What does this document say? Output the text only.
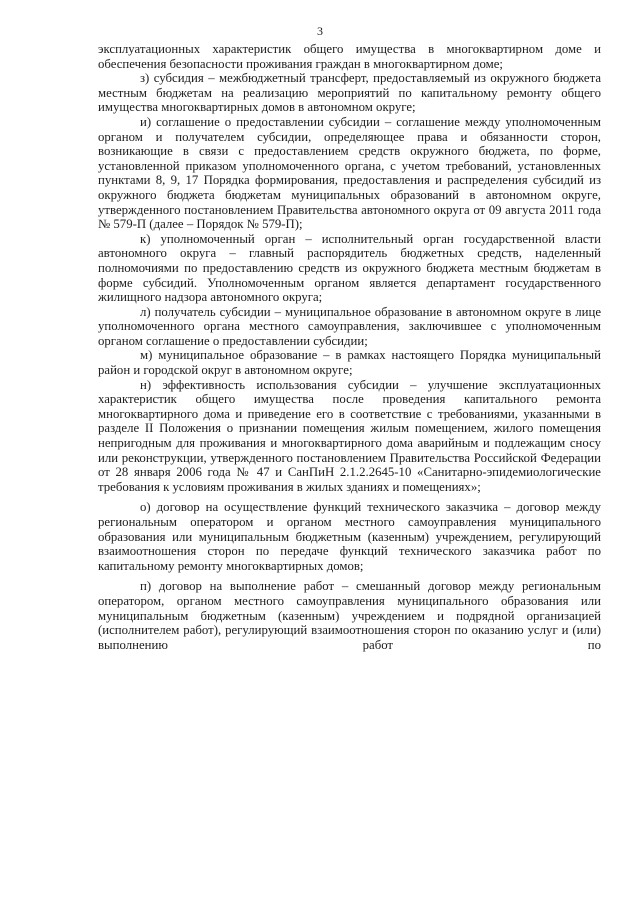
3

эксплуатационных характеристик общего имущества в многоквартирном доме и обеспечения безопасности проживания граждан в многоквартирном доме;

з) субсидия – межбюджетный трансферт, предоставляемый из окружного бюджета местным бюджетам на реализацию мероприятий по капитальному ремонту общего имущества многоквартирных домов в автономном округе;

и) соглашение о предоставлении субсидии – соглашение между уполномоченным органом и получателем субсидии, определяющее права и обязанности сторон, возникающие в связи с предоставлением средств окружного бюджета, по форме, установленной приказом уполномоченного органа, с учетом требований, установленных пунктами 8, 9, 17 Порядка формирования, предоставления и распределения субсидий из окружного бюджета бюджетам муниципальных образований в автономном округе, утвержденного постановлением Правительства автономного округа от 09 августа 2011 года № 579-П (далее – Порядок № 579-П);

к) уполномоченный орган – исполнительный орган государственной власти автономного округа – главный распорядитель бюджетных средств, наделенный полномочиями по предоставлению средств из окружного бюджета местным бюджетам в форме субсидий. Уполномоченным органом является департамент государственного жилищного надзора автономного округа;

л) получатель субсидии – муниципальное образование в автономном округе в лице уполномоченного органа местного самоуправления, заключившее с уполномоченным органом соглашение о предоставлении субсидии;

м) муниципальное образование – в рамках настоящего Порядка муниципальный район и городской округ в автономном округе;

н) эффективность использования субсидии – улучшение эксплуатационных характеристик общего имущества после проведения капитального ремонта многоквартирного дома и приведение его в соответствие с требованиями, указанными в разделе II Положения о признании помещения жилым помещением, жилого помещения непригодным для проживания и многоквартирного дома аварийным и подлежащим сносу или реконструкции, утвержденного постановлением Правительства Российской Федерации от 28 января 2006 года № 47 и СанПиН 2.1.2.2645-10 «Санитарно-эпидемиологические требования к условиям проживания в жилых зданиях и помещениях»;

о) договор на осуществление функций технического заказчика – договор между региональным оператором и органом местного самоуправления муниципального образования или муниципальным бюджетным (казенным) учреждением, регулирующий взаимоотношения сторон по передаче функций технического заказчика работ по капитальному ремонту многоквартирных домов;

п) договор на выполнение работ – смешанный договор между региональным оператором, органом местного самоуправления муниципального образования или муниципальным бюджетным (казенным) учреждением и подрядной организацией (исполнителем работ), регулирующий взаимоотношения сторон по оказанию услуг и (или) выполнению работ по
